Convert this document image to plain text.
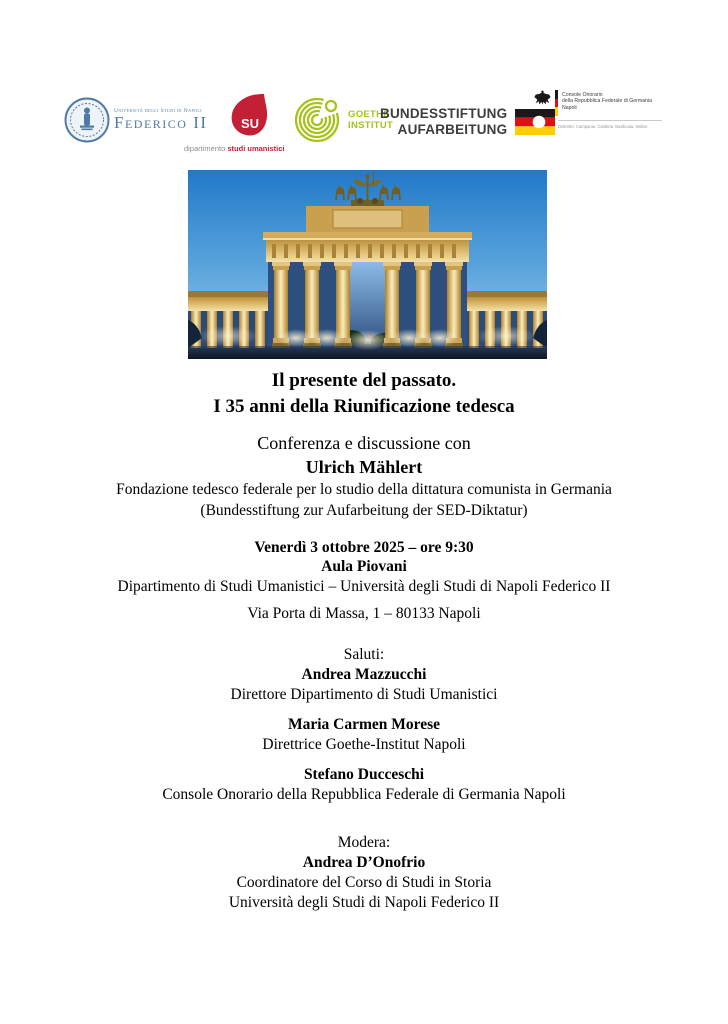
Università degli Studi di Napoli
Federico II	SU
dipartimento studi umanistici
GOETHE
INSTITUT
BUNDESSTIFTUNG
AUFARBEITUNG
Console Onorario
della Repubblica Federale di Germania
Napoli
Distretto: Campania, Calabria, Basilicata, Molise
Il presente del passato.
I 35 anni della Riunificazione tedesca
Conferenza e discussione con
Ulrich Mählert
Fondazione tedesco federale per lo studio della dittatura comunista in Germania
(Bundesstiftung zur Aufarbeitung der SED-Diktatur)
Venerdì 3 ottobre 2025 – ore 9:30
Aula Piovani
Dipartimento di Studi Umanistici – Università degli Studi di Napoli Federico II
Via Porta di Massa, 1 – 80133 Napoli
Saluti:
Andrea Mazzucchi
Direttore Dipartimento di Studi Umanistici
Maria Carmen Morese
Direttrice Goethe-Institut Napoli
Stefano Ducceschi
Console Onorario della Repubblica Federale di Germania Napoli
Modera:
Andrea D’Onofrio
Coordinatore del Corso di Studi in Storia
Università degli Studi di Napoli Federico II
